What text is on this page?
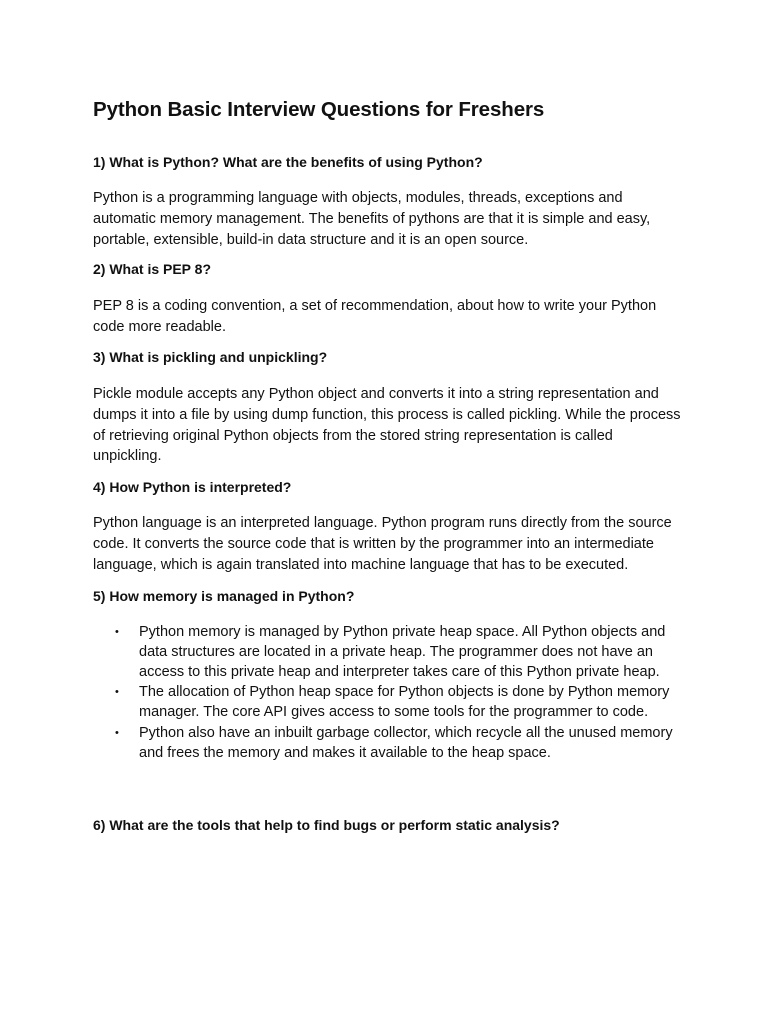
Python Basic Interview Questions for Freshers

1) What is Python? What are the benefits of using Python?

Python is a programming language with objects, modules, threads, exceptions and automatic memory management. The benefits of pythons are that it is simple and easy, portable, extensible, build-in data structure and it is an open source.

2) What is PEP 8?

PEP 8 is a coding convention, a set of recommendation, about how to write your Python code more readable.

3) What is pickling and unpickling?

Pickle module accepts any Python object and converts it into a string representation and dumps it into a file by using dump function, this process is called pickling. While the process of retrieving original Python objects from the stored string representation is called unpickling.

4) How Python is interpreted?

Python language is an interpreted language. Python program runs directly from the source code. It converts the source code that is written by the programmer into an intermediate language, which is again translated into machine language that has to be executed.

5) How memory is managed in Python?

• Python memory is managed by Python private heap space. All Python objects and data structures are located in a private heap. The programmer does not have an access to this private heap and interpreter takes care of this Python private heap.
• The allocation of Python heap space for Python objects is done by Python memory manager. The core API gives access to some tools for the programmer to code.
• Python also have an inbuilt garbage collector, which recycle all the unused memory and frees the memory and makes it available to the heap space.

6) What are the tools that help to find bugs or perform static analysis?
